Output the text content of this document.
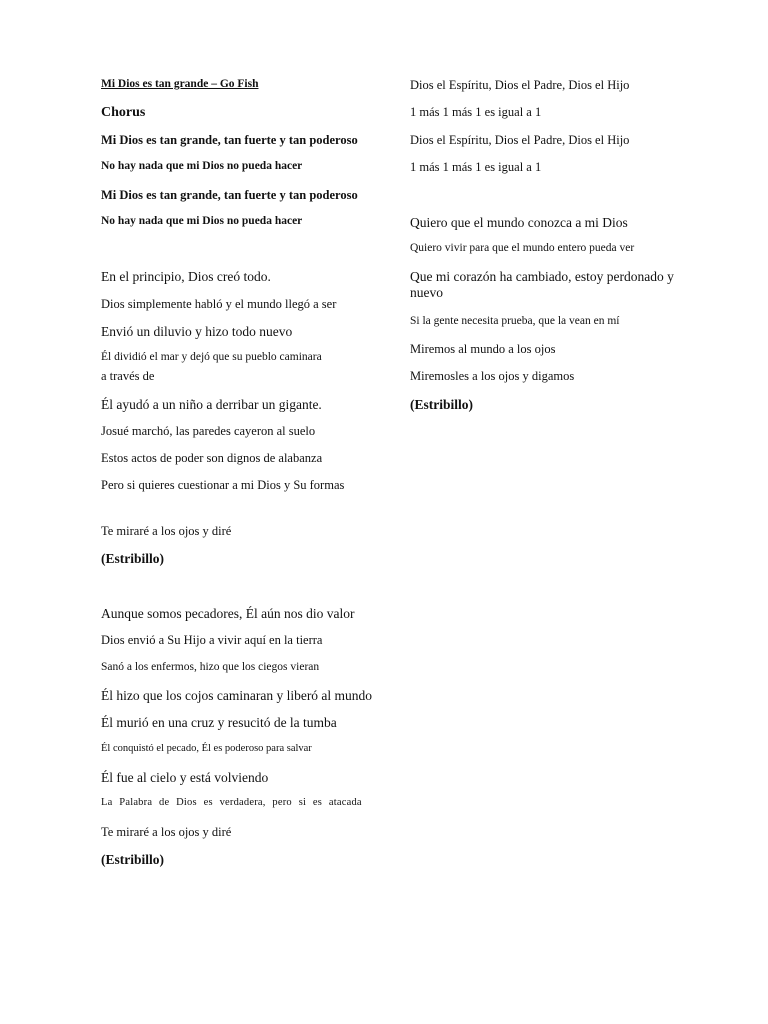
Mi Dios es tan grande – Go Fish
Chorus
Mi Dios es tan grande, tan fuerte y tan poderoso
No hay nada que mi Dios no pueda hacer
Mi Dios es tan grande, tan fuerte y tan poderoso
No hay nada que mi Dios no pueda hacer
En el principio, Dios creó todo.
Dios simplemente habló y el mundo llegó a ser
Envió un diluvio y hizo todo nuevo
Él dividió el mar y dejó que su pueblo caminara
a través de
Él ayudó a un niño a derribar un gigante.
Josué marchó, las paredes cayeron al suelo
Estos actos de poder son dignos de alabanza
Pero si quieres cuestionar a mi Dios y Su formas
Te miraré a los ojos y diré
(Estribillo)
Aunque somos pecadores, Él aún nos dio valor
Dios envió a Su Hijo a vivir aquí en la tierra
Sanó a los enfermos, hizo que los ciegos vieran
Él hizo que los cojos caminaran y liberó al mundo
Él murió en una cruz y resucitó de la tumba
Él conquistó el pecado, Él es poderoso para salvar
Él fue al cielo y está volviendo
La Palabra de Dios es verdadera, pero si es atacada
Te miraré a los ojos y diré
(Estribillo)
Dios el Espíritu, Dios el Padre, Dios el Hijo
1 más 1 más 1 es igual a 1
Dios el Espíritu, Dios el Padre, Dios el Hijo
1 más 1 más 1 es igual a 1
Quiero que el mundo conozca a mi Dios
Quiero vivir para que el mundo entero pueda ver
Que mi corazón ha cambiado, estoy perdonado y nuevo
Si la gente necesita prueba, que la vean en mí
Miremos al mundo a los ojos
Miremosles a los ojos y digamos
(Estribillo)
